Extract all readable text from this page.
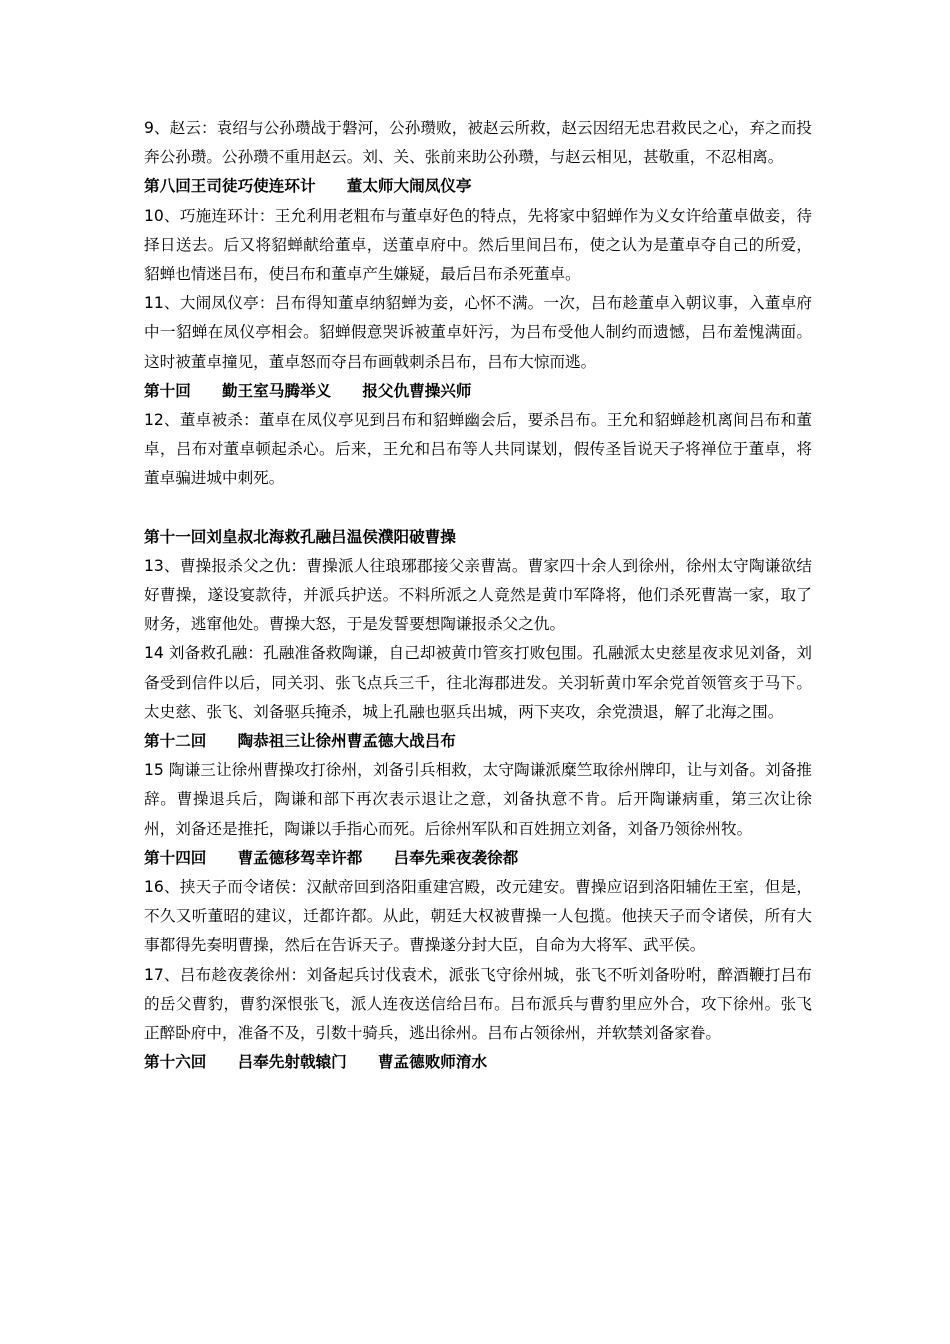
9、赵云：袁绍与公孙瓒战于磐河，公孙瓒败，被赵云所救，赵云因绍无忠君救民之心，弃之而投奔公孙瓒。公孙瓒不重用赵云。刘、关、张前来助公孙瓒，与赵云相见，甚敬重，不忍相离。

第八回王司徒巧使连环计　　董太师大闹凤仪亭

10、巧施连环计：王允利用老粗布与董卓好色的特点，先将家中貂蝉作为义女许给董卓做妾，待择日送去。后又将貂蝉献给董卓，送董卓府中。然后里间吕布，使之认为是董卓夺自己的所爱，貂蝉也情迷吕布，使吕布和董卓产生嫌疑，最后吕布杀死董卓。

11、大闹凤仪亭：吕布得知董卓纳貂蝉为妾，心怀不满。一次，吕布趁董卓入朝议事，入董卓府中一貂蝉在凤仪亭相会。貂蝉假意哭诉被董卓奸污，为吕布受他人制约而遗憾，吕布羞愧满面。这时被董卓撞见，董卓怒而夺吕布画戟刺杀吕布，吕布大惊而逃。

第十回　　勤王室马腾举义　　报父仇曹操兴师

12、董卓被杀：董卓在凤仪亭见到吕布和貂蝉幽会后，要杀吕布。王允和貂蝉趁机离间吕布和董卓，吕布对董卓顿起杀心。后来，王允和吕布等人共同谋划，假传圣旨说天子将禅位于董卓，将董卓骗进城中刺死。

第十一回刘皇叔北海救孔融吕温侯濮阳破曹操

13、曹操报杀父之仇：曹操派人往琅琊郡接父亲曹嵩。曹家四十余人到徐州，徐州太守陶谦欲结好曹操，遂设宴款待，并派兵护送。不料所派之人竟然是黄巾军降将，他们杀死曹嵩一家，取了财务，逃窜他处。曹操大怒，于是发誓要想陶谦报杀父之仇。

14 刘备救孔融：孔融准备救陶谦，自己却被黄巾管亥打败包围。孔融派太史慈星夜求见刘备，刘备受到信件以后，同关羽、张飞点兵三千，往北海郡进发。关羽斩黄巾军余党首领管亥于马下。太史慈、张飞、刘备驱兵掩杀，城上孔融也驱兵出城，两下夹攻，余党溃退，解了北海之围。

第十二回　　陶恭祖三让徐州曹孟德大战吕布

15 陶谦三让徐州曹操攻打徐州，刘备引兵相救，太守陶谦派糜竺取徐州牌印，让与刘备。刘备推辞。曹操退兵后，陶谦和部下再次表示退让之意，刘备执意不肯。后开陶谦病重，第三次让徐州，刘备还是推托，陶谦以手指心而死。后徐州军队和百姓拥立刘备，刘备乃领徐州牧。

第十四回　　曹孟德移驾幸许都　　吕奉先乘夜袭徐都

16、挟天子而令诸侯：汉献帝回到洛阳重建宫殿，改元建安。曹操应诏到洛阳辅佐王室，但是，不久又听董昭的建议，迁都许都。从此，朝廷大权被曹操一人包揽。他挟天子而令诸侯，所有大事都得先奏明曹操，然后在告诉天子。曹操遂分封大臣，自命为大将军、武平侯。

17、吕布趁夜袭徐州：刘备起兵讨伐袁术，派张飞守徐州城，张飞不听刘备吩咐，醉酒鞭打吕布的岳父曹豹，曹豹深恨张飞，派人连夜送信给吕布。吕布派兵与曹豹里应外合，攻下徐州。张飞正醉卧府中，准备不及，引数十骑兵，逃出徐州。吕布占领徐州，并软禁刘备家眷。

第十六回　　吕奉先射戟辕门　　曹孟德败师淯水
